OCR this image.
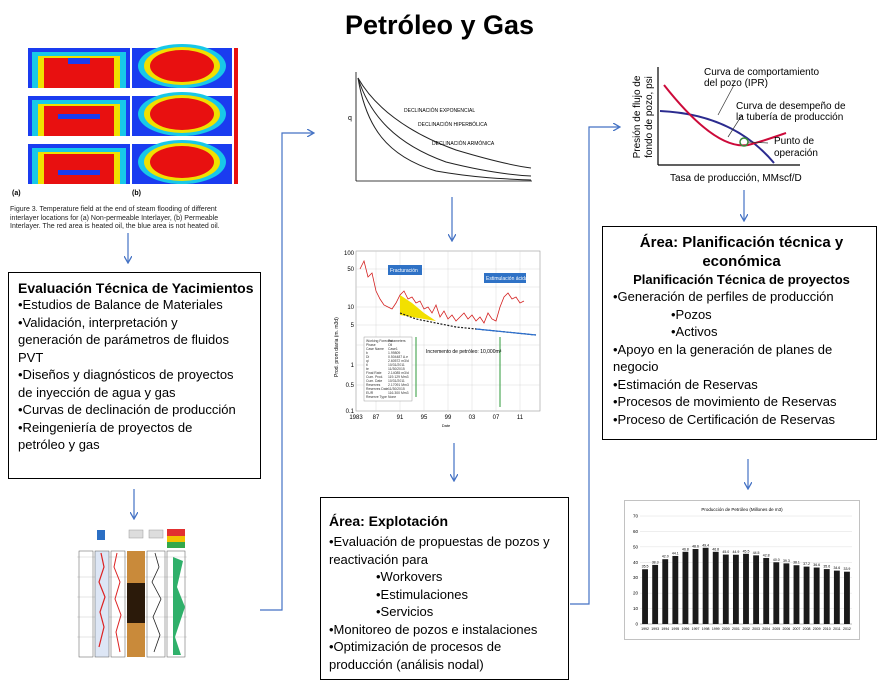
Petróleo y Gas
(a)	(b)
Figure 3. Temperature field at the end of steam flooding of different
interlayer locations for (a) Non-permeable Interlayer, (b) Permeable
Interlayer. The red area is heated oil, the blue area is not heated oil.
Evaluación Técnica de Yacimientos
•Estudios de Balance de Materiales
•Validación, interpretación y
generación de parámetros de fluidos
PVT
•Diseños y diagnósticos de proyectos
de inyección de agua y gas
•Curvas de declinación de producción
•Reingeniería de proyectos de
petróleo y gas
q
DECLINACIÓN EXPONENCIAL
DECLINACIÓN HIPERBÓLICA
DECLINACIÓN ARMÓNICA
Fracturación
Estimulación ácida
Incremento de petróleo: 10,000m³
100
50
10
5
1
0.5
0.1
1983 87	91	95	99	03	07	11
Date
Prod. prom diaria (m. m3d)	Working Forecast
Parameters
Phase	Oil
Case Name Case1
b	1.99809
Di	0.504487 A.e
qi	2.60572 m3/d
ti	10/31/2011
te	11/30/2015
Final Rate 2.14085 m3/d
Cum. Prod. 119.129 Mm3
Cum. Date 10/31/2011
Reserves 2.17091 Mm3
Reserves Date 11/30/2015
EUR	116.300 Mm3
Reserve Type None
Área: Explotación
•Evaluación de propuestas de pozos y
reactivación para
•Workovers
•Estimulaciones
•Servicios
•Monitoreo de pozos e instalaciones
•Optimización de procesos de
producción (análisis nodal)
Curva de comportamiento
del pozo (IPR)
Curva de desempeño de
la tubería de producción
Punto de
operación
Tasa de producción, MMscf/D
Presión de flujo de fondo de pozo, psi
Área: Planificación técnica y
económica
Planificación Técnica de proyectos
•Generación de perfiles de producción
•Pozos
•Activos
•Apoyo en la generación de planes de
negocio
•Estimación de Reservas
•Procesos de movimiento de Reservas
•Proceso de Certificación de Reservas
Producción de Petróleo (Millones de m3)
70
60
50
40
30
20
10
0
35.5
38.3
42.0
44.1
46.8
48.6 49.4
46.8
45.0 44.9 45.5 44.5
42.8
40.0 39.3 38.1 37.2 36.6 35.6 34.6 33.9
1992 1993 1994 1995 1996 1997 1998 1999 2000 2001 2002 2003 2004 2005 2006 2007 2008 2009 2010 2011 2012
